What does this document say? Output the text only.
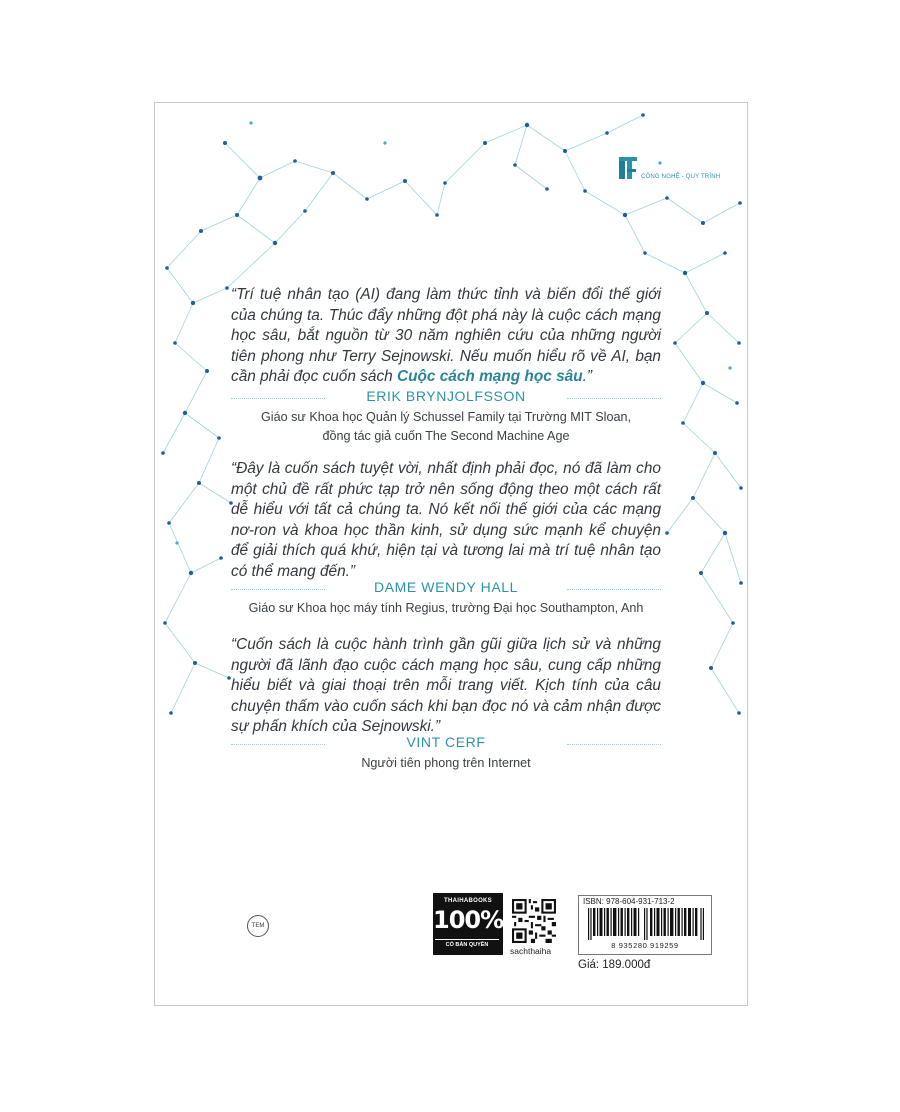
CÔNG NGHỆ - QUY TRÌNH
“Trí tuệ nhân tạo (AI) đang làm thức tỉnh và biến đổi thế giới của chúng ta. Thúc đẩy những đột phá này là cuộc cách mạng học sâu, bắt nguồn từ 30 năm nghiên cứu của những người tiên phong như Terry Sejnowski. Nếu muốn hiểu rõ về AI, bạn cần phải đọc cuốn sách Cuộc cách mạng học sâu.”
ERIK BRYNJOLFSSON
Giáo sư Khoa học Quản lý Schussel Family tại Trường MIT Sloan,
đồng tác giả cuốn The Second Machine Age
“Đây là cuốn sách tuyệt vời, nhất định phải đọc, nó đã làm cho một chủ đề rất phức tạp trở nên sống động theo một cách rất dễ hiểu với tất cả chúng ta. Nó kết nối thế giới của các mạng nơ-ron và khoa học thần kinh, sử dụng sức mạnh kể chuyện để giải thích quá khứ, hiện tại và tương lai mà trí tuệ nhân tạo có thể mang đến.”
DAME WENDY HALL
Giáo sư Khoa học máy tính Regius, trường Đại học Southampton, Anh
“Cuốn sách là cuộc hành trình gần gũi giữa lịch sử và những người đã lãnh đạo cuộc cách mạng học sâu, cung cấp những hiểu biết và giai thoại trên mỗi trang viết. Kịch tính của câu chuyện thấm vào cuốn sách khi bạn đọc nó và cảm nhận được sự phấn khích của Sejnowski.”
VINT CERF
Người tiên phong trên Internet
TEM
THAIHABOOKS
100%
CÓ BẢN QUYỀN
sachthaiha
ISBN: 978-604-931-713-2
8 935280 919259
Giá: 189.000đ
